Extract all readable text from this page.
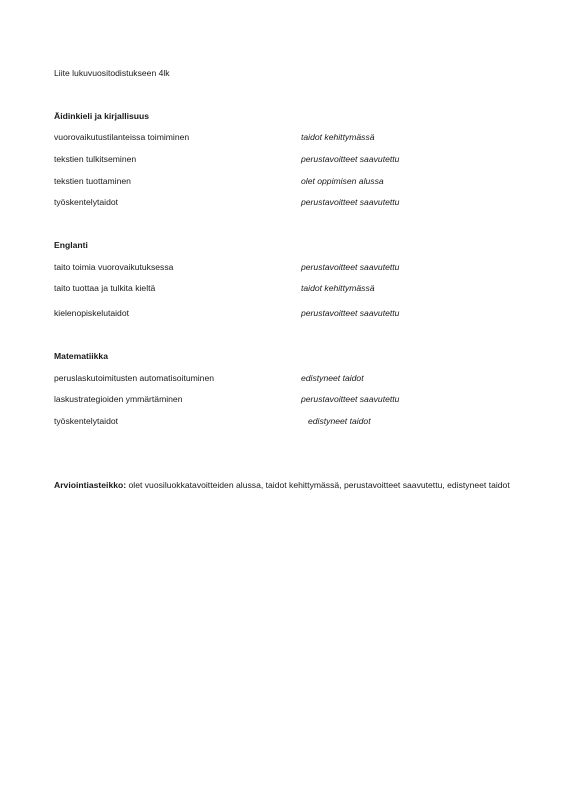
Liite lukuvuositodistukseen 4lk
Äidinkieli ja kirjallisuus
vuorovaikutustilanteissa toimiminen	taidot kehittymässä
tekstien tulkitseminen	perustavoitteet saavutettu
tekstien tuottaminen	olet oppimisen alussa
työskentelytaidot	perustavoitteet saavutettu
Englanti
taito toimia vuorovaikutuksessa	perustavoitteet saavutettu
taito tuottaa ja tulkita kieltä	taidot kehittymässä
kielenopiskelutaidot	perustavoitteet saavutettu
Matematiikka
peruslaskutoimitusten automatisoituminen	edistyneet taidot
laskustrategioiden ymmärtäminen	perustavoitteet saavutettu
työskentelytaidot	edistyneet taidot
Arviointiasteikko: olet vuosiluokkatavoitteiden alussa, taidot kehittymässä, perustavoitteet saavutettu, edistyneet taidot
